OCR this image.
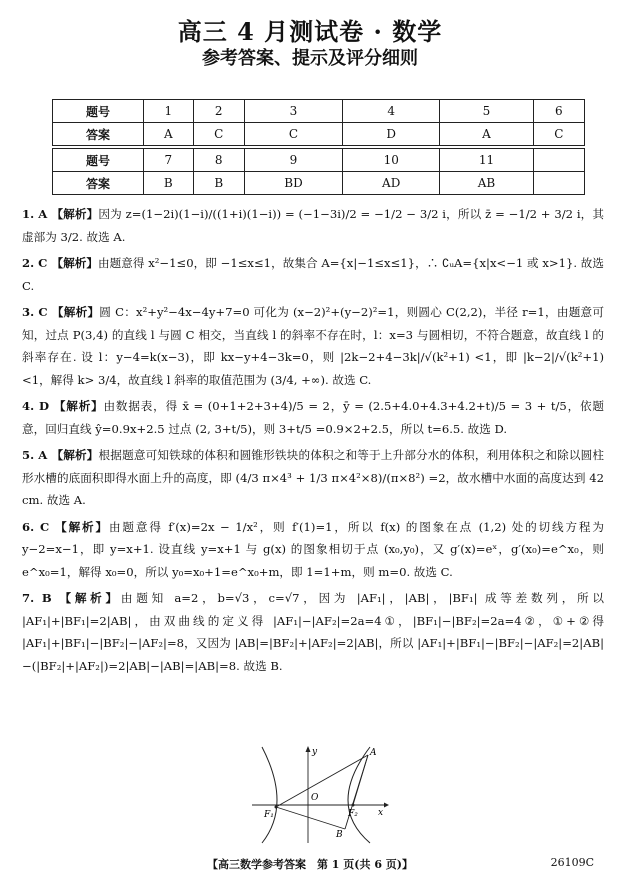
高三 4 月测试卷 · 数学
参考答案、提示及评分细则
题号	1	2	3	4	5	6
答案	A	C	C	D	A	C

题号	7	8	9	10	11	
答案	B	B	BD	AD	AB	
1. A 【解析】因为 z=(1−2i)(1−i)/((1+i)(1−i)) = (−1−3i)/2 = −1/2 − 3/2 i，所以 z̄ = −1/2 + 3/2 i，其虚部为 3/2. 故选 A.
2. C 【解析】由题意得 x²−1≤0，即 −1≤x≤1，故集合 A={x|−1≤x≤1}，∴ ∁ᵤA={x|x<−1 或 x>1}. 故选 C.
3. C 【解析】圆 C：x²+y²−4x−4y+7=0 可化为 (x−2)²+(y−2)²=1，则圆心 C(2,2)，半径 r=1，由题意可知，过点 P(3,4) 的直线 l 与圆 C 相交，当直线 l 的斜率不存在时，l：x=3 与圆相切，不符合题意，故直线 l 的斜率存在. 设 l：y−4=k(x−3)，即 kx−y+4−3k=0，则 |2k−2+4−3k|/√(k²+1) <1，即 |k−2|/√(k²+1) <1，解得 k> 3/4，故直线 l 斜率的取值范围为 (3/4, +∞). 故选 C.
4. D 【解析】由数据表，得 x̄ = (0+1+2+3+4)/5 = 2，ȳ = (2.5+4.0+4.3+4.2+t)/5 = 3 + t/5，依题意，回归直线 ŷ=0.9x+2.5 过点 (2, 3+t/5)，则 3+t/5 =0.9×2+2.5，所以 t=6.5. 故选 D.
5. A 【解析】根据题意可知铁球的体积和圆锥形铁块的体积之和等于上升部分水的体积，利用体积之和除以圆柱形水槽的底面积即得水面上升的高度，即 (4/3 π×4³ + 1/3 π×4²×8)/(π×8²) =2，故水槽中水面的高度达到 42 cm. 故选 A.
6. C 【解析】由题意得 f′(x)=2x − 1/x²，则 f′(1)=1，所以 f(x) 的图象在点 (1,2) 处的切线方程为 y−2=x−1，即 y=x+1. 设直线 y=x+1 与 g(x) 的图象相切于点 (x₀,y₀)，又 g′(x)=eˣ，g′(x₀)=e^x₀，则 e^x₀=1，解得 x₀=0，所以 y₀=x₀+1=e^x₀+m，即 1=1+m，则 m=0. 故选 C.
7. B 【解析】由题知 a=2，b=√3，c=√7，因为 |AF₁|，|AB|，|BF₁| 成等差数列，所以 |AF₁|+|BF₁|=2|AB|，由双曲线的定义得 |AF₁|−|AF₂|=2a=4①，|BF₁|−|BF₂|=2a=4②，①+②得 |AF₁|+|BF₁|−|BF₂|−|AF₂|=8，又因为 |AB|=|BF₂|+|AF₂|=2|AB|，所以 |AF₁|+|BF₁|−|BF₂|−|AF₂|=2|AB|−(|BF₂|+|AF₂|)=2|AB|−|AB|=|AB|=8. 故选 B.
y
x
O
A
B
F₁	F₂
【高三数学参考答案　第 1 页(共 6 页)】	26109C
